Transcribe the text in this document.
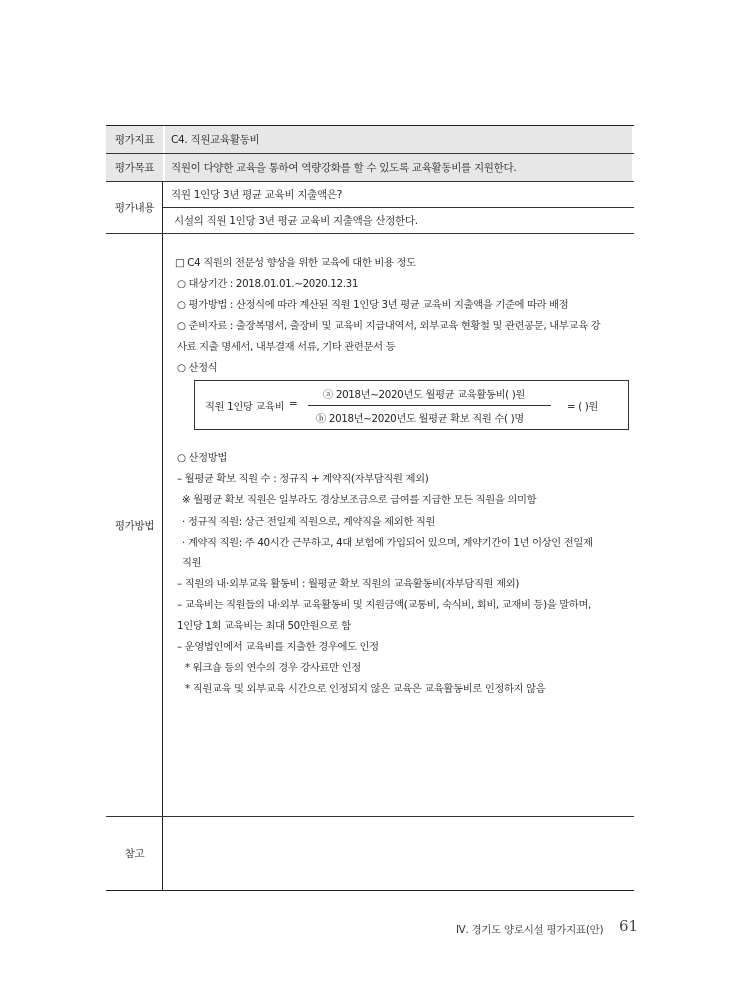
평가지표	C4. 직원교육활동비
평가목표	직원이 다양한 교육을 통하여 역량강화를 할 수 있도록 교육활동비를 지원한다.
평가내용
직원 1인당 3년 평균 교육비 지출액은?
시설의 직원 1인당 3년 평균 교육비 지출액을 산정한다.
평가방법
□ C4 직원의 전문성 향상을 위한 교육에 대한 비용 정도
○ 대상기간 : 2018.01.01.~2020.12.31
○ 평가방법 : 산정식에 따라 계산된 직원 1인당 3년 평균 교육비 지출액을 기준에 따라 배점
○ 준비자료 : 출장복명서, 출장비 및 교육비 지급내역서, 외부교육 현황철 및 관련공문, 내부교육 강
사료 지출 명세서, 내부결재 서류, 기타 관련문서 등
○ 산정식
직원 1인당 교육비 =
ⓐ 2018년~2020년도 월평균 교육활동비( )원
ⓑ 2018년~2020년도 월평균 확보 직원 수( )명
= ( )원
○ 산정방법
– 월평균 확보 직원 수 : 정규직 + 계약직(자부담직원 제외)
※ 월평균 확보 직원은 일부라도 경상보조금으로 급여를 지급한 모든 직원을 의미함
· 정규직 직원: 상근 전일제 직원으로, 계약직을 제외한 직원
· 계약직 직원: 주 40시간 근무하고, 4대 보험에 가입되어 있으며, 계약기간이 1년 이상인 전일제
직원
– 직원의 내·외부교육 활동비 : 월평균 확보 직원의 교육활동비(자부담직원 제외)
– 교육비는 직원들의 내·외부 교육활동비 및 지원금액(교통비, 숙식비, 회비, 교재비 등)을 말하며,
1인당 1회 교육비는 최대 50만원으로 함
– 운영법인에서 교육비를 지출한 경우에도 인정
* 워크숍 등의 연수의 경우 강사료만 인정
* 직원교육 및 외부교육 시간으로 인정되지 않은 교육은 교육활동비로 인정하지 않음
참고
Ⅳ. 경기도 양로시설 평가지표(안) 61
